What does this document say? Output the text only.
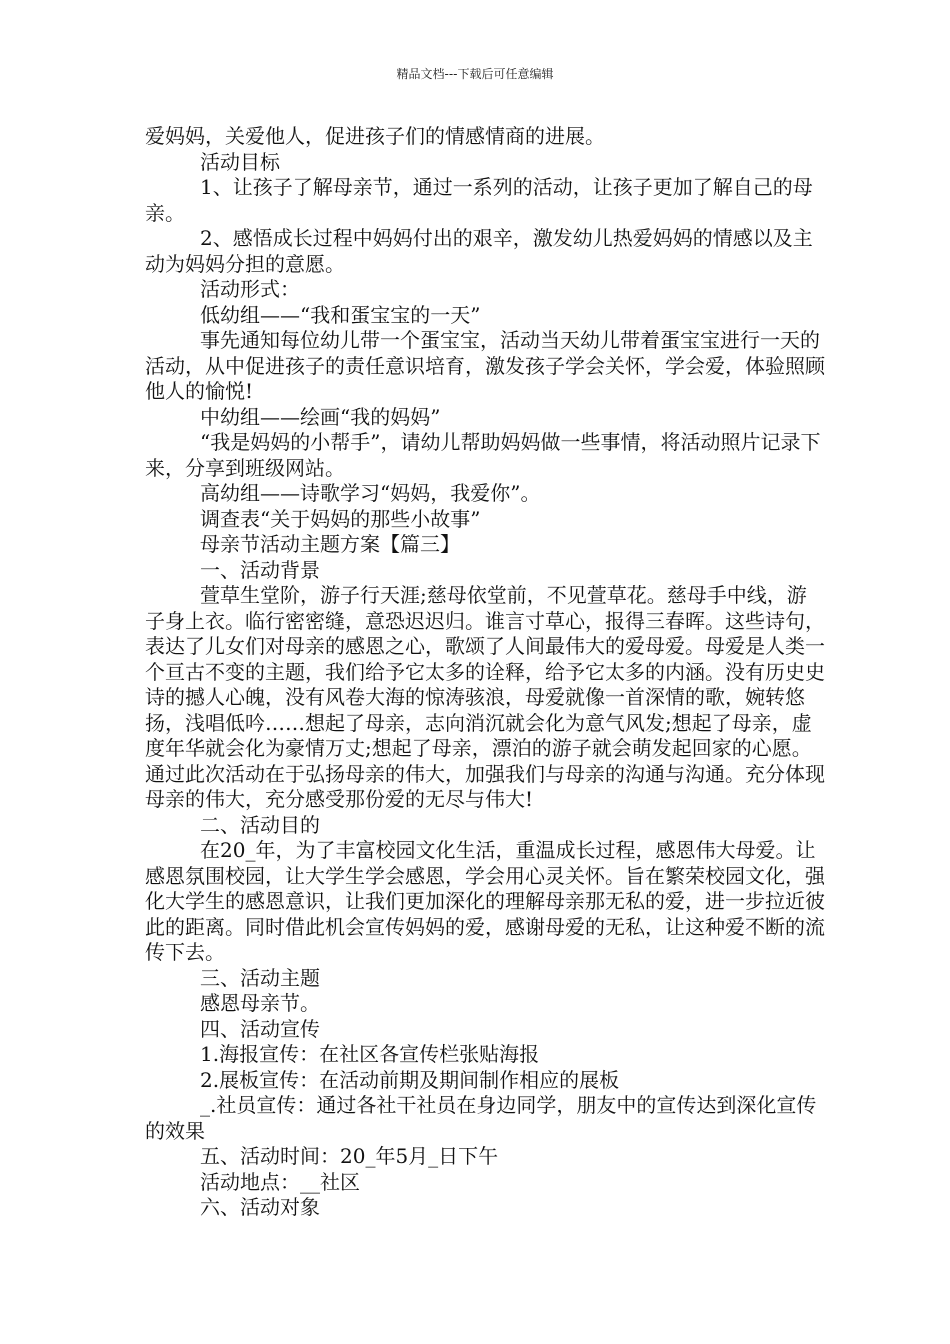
精品文档---下载后可任意编辑

爱妈妈，关爱他人，促进孩子们的情感情商的进展。

活动目标

1、让孩子了解母亲节，通过一系列的活动，让孩子更加了解自己的母亲。

2、感悟成长过程中妈妈付出的艰辛，激发幼儿热爱妈妈的情感以及主动为妈妈分担的意愿。

活动形式：

低幼组——“我和蛋宝宝的一天”

事先通知每位幼儿带一个蛋宝宝，活动当天幼儿带着蛋宝宝进行一天的活动，从中促进孩子的责任意识培育，激发孩子学会关怀，学会爱，体验照顾他人的愉悦!

中幼组——绘画“我的妈妈”

“我是妈妈的小帮手”，请幼儿帮助妈妈做一些事情，将活动照片记录下来，分享到班级网站。

高幼组——诗歌学习“妈妈，我爱你”。

调查表“关于妈妈的那些小故事”

母亲节活动主题方案【篇三】

一、活动背景

萱草生堂阶，游子行天涯;慈母依堂前，不见萱草花。慈母手中线，游子身上衣。临行密密缝，意恐迟迟归。谁言寸草心，报得三春晖。这些诗句，表达了儿女们对母亲的感恩之心，歌颂了人间最伟大的爱母爱。母爱是人类一个亘古不变的主题，我们给予它太多的诠释，给予它太多的内涵。没有历史史诗的撼人心魄，没有风卷大海的惊涛骇浪，母爱就像一首深情的歌，婉转悠扬，浅唱低吟……想起了母亲，志向消沉就会化为意气风发;想起了母亲，虚度年华就会化为豪情万丈;想起了母亲，漂泊的游子就会萌发起回家的心愿。通过此次活动在于弘扬母亲的伟大，加强我们与母亲的沟通与沟通。充分体现母亲的伟大，充分感受那份爱的无尽与伟大!

二、活动目的

在20_年，为了丰富校园文化生活，重温成长过程，感恩伟大母爱。让感恩氛围校园，让大学生学会感恩，学会用心灵关怀。旨在繁荣校园文化，强化大学生的感恩意识，让我们更加深化的理解母亲那无私的爱，进一步拉近彼此的距离。同时借此机会宣传妈妈的爱，感谢母爱的无私，让这种爱不断的流传下去。

三、活动主题

感恩母亲节。

四、活动宣传

1.海报宣传：在社区各宣传栏张贴海报

2.展板宣传：在活动前期及期间制作相应的展板

_.社员宣传：通过各社干社员在身边同学，朋友中的宣传达到深化宣传的效果

五、活动时间：20_年5月_日下午

活动地点：__社区

六、活动对象
